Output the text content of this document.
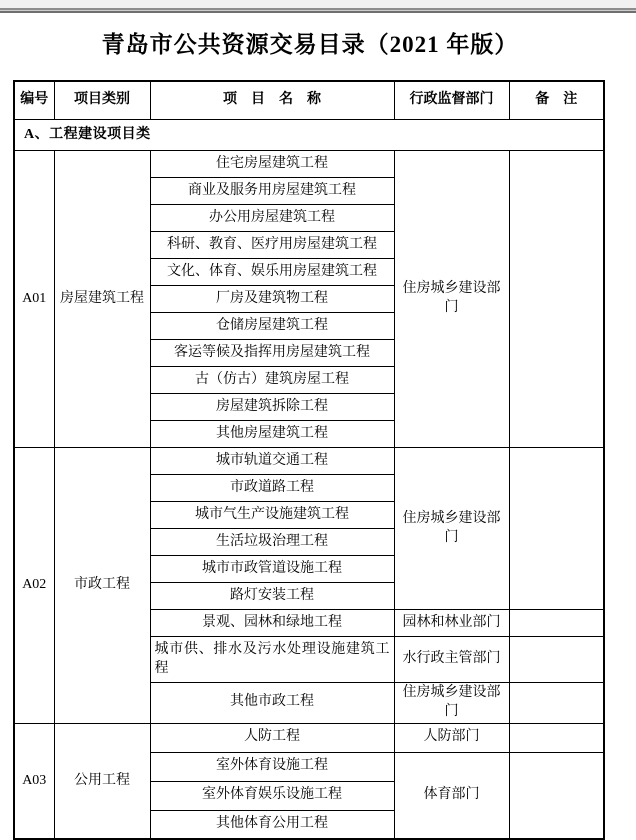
青岛市公共资源交易目录（2021 年版）
编号	项目类别	项　目　名　称	行政监督部门	备　注
A、工程建设项目类				
A01	房屋建筑工程	住宅房屋建筑工程	住房城乡建设部门	
		商业及服务用房屋建筑工程		
		办公用房屋建筑工程		
		科研、教育、医疗用房屋建筑工程		
		文化、体育、娱乐用房屋建筑工程		
		厂房及建筑物工程		
		仓储房屋建筑工程		
		客运等候及指挥用房屋建筑工程		
		古（仿古）建筑房屋工程		
		房屋建筑拆除工程		
		其他房屋建筑工程		
A02	市政工程	城市轨道交通工程	住房城乡建设部门	
		市政道路工程		
		城市气生产设施建筑工程		
		生活垃圾治理工程		
		城市市政管道设施工程		
		路灯安装工程		
		景观、园林和绿地工程	园林和林业部门	
		城市供、排水及污水处理设施建筑工程	水行政主管部门	
		其他市政工程	住房城乡建设部门	
A03	公用工程	人防工程	人防部门	
		室外体育设施工程	体育部门	
		室外体育娱乐设施工程		
		其他体育公用工程		
